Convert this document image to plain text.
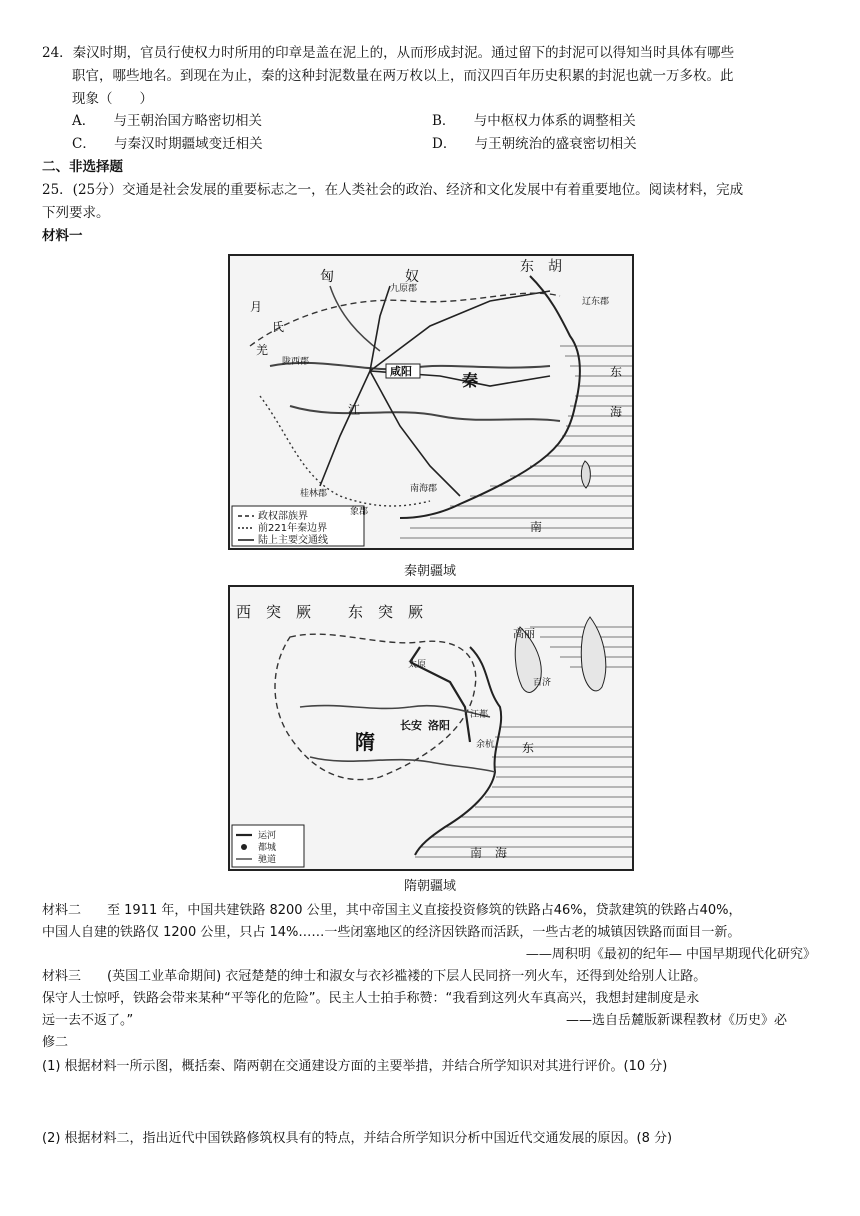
24．秦汉时期，官员行使权力时所用的印章是盖在泥上的，从而形成封泥。通过留下的封泥可以得知当时具体有哪些
职官，哪些地名。到现在为止，秦的这种封泥数量在两万枚以上，而汉四百年历史积累的封泥也就一万多枚。此
现象（　　）
A． 与王朝治国方略密切相关	B． 与中枢权力体系的调整相关
C． 与秦汉时期疆域变迁相关	D． 与王朝统治的盛衰密切相关
二、非选择题
25．(25分）交通是社会发展的重要标志之一，在人类社会的政治、经济和文化发展中有着重要地位。阅读材料，完成
下列要求。
材料一
政权部族界
前221年秦边界
陆上主要交通线
匈	奴
东　胡
月
氏
羌
九原郡
咸阳
陇西郡
秦
江
辽东郡
桂林郡	南海郡
象郡
东
海
南
秦朝疆域
运河
都城
驰道
西　突　厥 东　突　厥
隋
长安 洛阳
高丽
百济
太原
江都
余杭 东
南 海
隋朝疆域
材料二　　至 1911 年，中国共建铁路 8200 公里，其中帝国主义直接投资修筑的铁路占46%，贷款建筑的铁路占40%，
中国人自建的铁路仅 1200 公里，只占 14%……一些闭塞地区的经济因铁路而活跃，一些古老的城镇因铁路而面目一新。
——周积明《最初的纪年— 中国早期现代化研究》
材料三　　(英国工业革命期间) 衣冠楚楚的绅士和淑女与衣衫褴褛的下层人民同挤一列火车，还得到处给别人让路。
保守人士惊呼，铁路会带来某种“平等化的危险”。民主人士拍手称赞：“我看到这列火车真高兴，我想封建制度是永
远一去不返了。”	——选自岳麓版新课程教材《历史》必
修二
(1) 根据材料一所示图，概括秦、隋两朝在交通建设方面的主要举措，并结合所学知识对其进行评价。(10 分)
(2) 根据材料二，指出近代中国铁路修筑权具有的特点，并结合所学知识分析中国近代交通发展的原因。(8 分)
